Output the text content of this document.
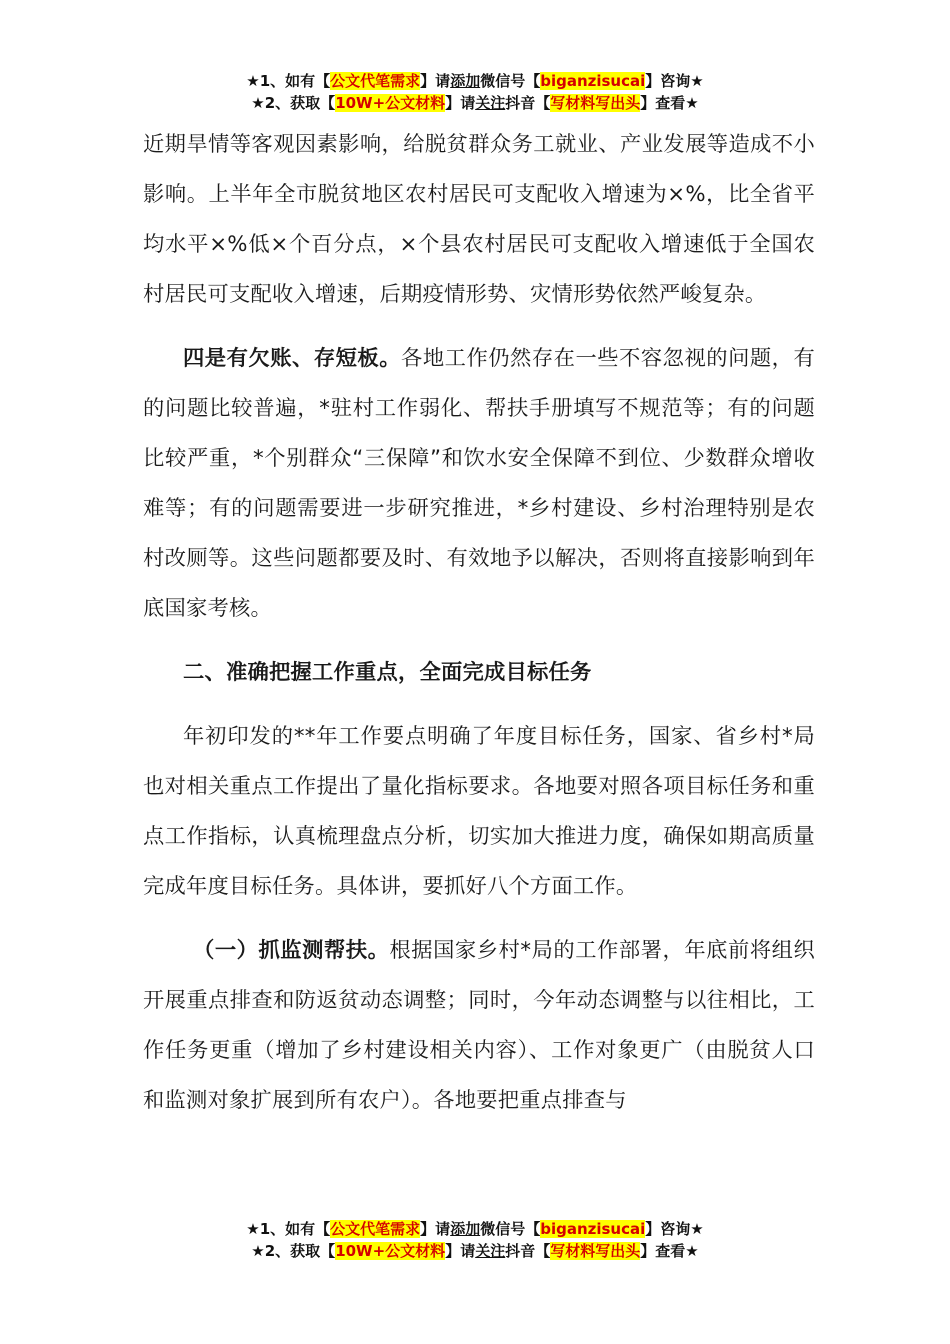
★1、如有【公文代笔需求】请添加微信号【biganzisucai】咨询★
★2、获取【10W+公文材料】请关注抖音【写材料写出头】查看★

近期旱情等客观因素影响，给脱贫群众务工就业、产业发展等造成不小影响。上半年全市脱贫地区农村居民可支配收入增速为×%，比全省平均水平×%低×个百分点，×个县农村居民可支配收入增速低于全国农村居民可支配收入增速，后期疫情形势、灾情形势依然严峻复杂。

四是有欠账、存短板。各地工作仍然存在一些不容忽视的问题，有的问题比较普遍，*驻村工作弱化、帮扶手册填写不规范等；有的问题比较严重，*个别群众“三保障”和饮水安全保障不到位、少数群众增收难等；有的问题需要进一步研究推进，*乡村建设、乡村治理特别是农村改厕等。这些问题都要及时、有效地予以解决，否则将直接影响到年底国家考核。

二、准确把握工作重点，全面完成目标任务

年初印发的**年工作要点明确了年度目标任务，国家、省乡村*局也对相关重点工作提出了量化指标要求。各地要对照各项目标任务和重点工作指标，认真梳理盘点分析，切实加大推进力度，确保如期高质量完成年度目标任务。具体讲，要抓好八个方面工作。

（一）抓监测帮扶。根据国家乡村*局的工作部署，年底前将组织开展重点排查和防返贫动态调整；同时，今年动态调整与以往相比，工作任务更重（增加了乡村建设相关内容）、工作对象更广（由脱贫人口和监测对象扩展到所有农户）。各地要把重点排查与

★1、如有【公文代笔需求】请添加微信号【biganzisucai】咨询★
★2、获取【10W+公文材料】请关注抖音【写材料写出头】查看★
